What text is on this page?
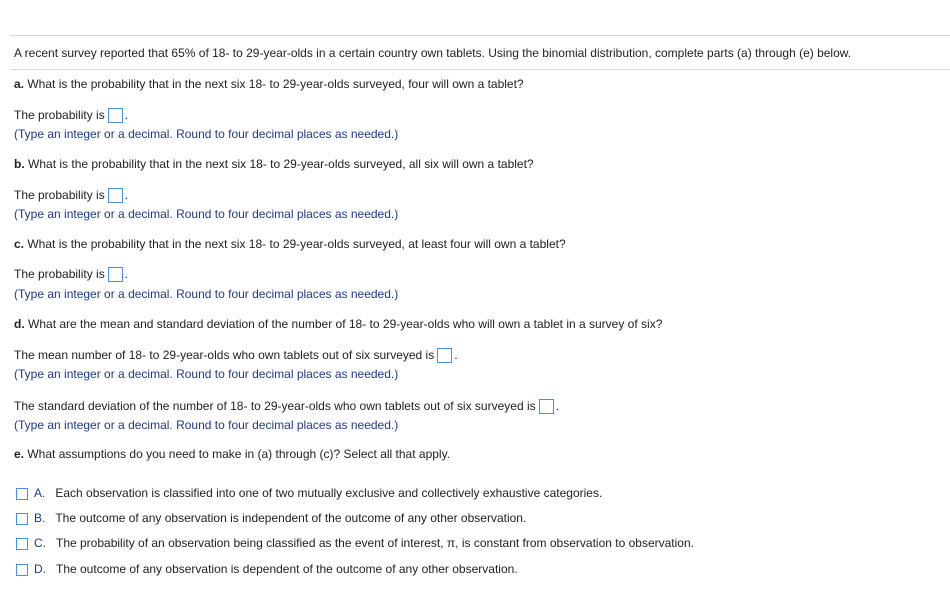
A recent survey reported that 65% of 18- to 29-year-olds in a certain country own tablets. Using the binomial distribution, complete parts (a) through (e) below.
a. What is the probability that in the next six 18- to 29-year-olds surveyed, four will own a tablet?
The probability is .
(Type an integer or a decimal. Round to four decimal places as needed.)
b. What is the probability that in the next six 18- to 29-year-olds surveyed, all six will own a tablet?
The probability is .
(Type an integer or a decimal. Round to four decimal places as needed.)
c. What is the probability that in the next six 18- to 29-year-olds surveyed, at least four will own a tablet?
The probability is .
(Type an integer or a decimal. Round to four decimal places as needed.)
d. What are the mean and standard deviation of the number of 18- to 29-year-olds who will own a tablet in a survey of six?
The mean number of 18- to 29-year-olds who own tablets out of six surveyed is .
(Type an integer or a decimal. Round to four decimal places as needed.)
The standard deviation of the number of 18- to 29-year-olds who own tablets out of six surveyed is .
(Type an integer or a decimal. Round to four decimal places as needed.)
e. What assumptions do you need to make in (a) through (c)? Select all that apply.
A. Each observation is classified into one of two mutually exclusive and collectively exhaustive categories.
B. The outcome of any observation is independent of the outcome of any other observation.
C. The probability of an observation being classified as the event of interest, π, is constant from observation to observation.
D. The outcome of any observation is dependent of the outcome of any other observation.
